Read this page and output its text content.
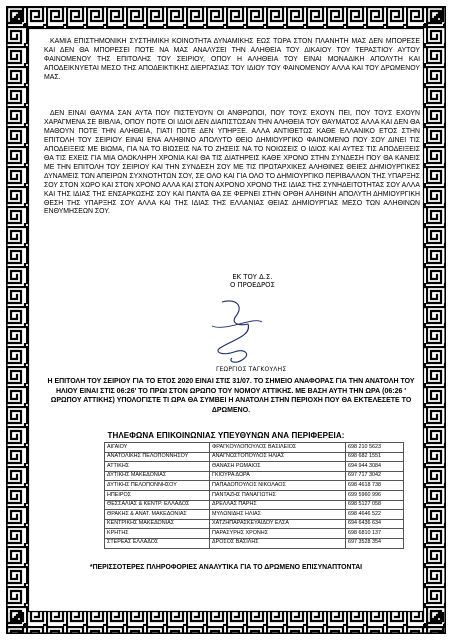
ΚΑΜΙΑ ΕΠΙΣΤΗΜΟΝΙΚΗ ΣΥΣΤΗΜΙΚΗ ΚΟΙΝΟΤΗΤΑ ΔΥΝΑΜΙΚΗΣ ΕΩΣ ΤΩΡΑ ΣΤΟΝ ΠΛΑΝΗΤΗ ΜΑΣ ΔΕΝ ΜΠΟΡΕΣΕ ΚΑΙ ΔΕΝ ΘΑ ΜΠΟΡΕΣΕΙ ΠΟΤΕ ΝΑ ΜΑΣ ΑΝΑΛΥΣΕΙ ΤΗΝ ΑΛΗΘΕΙΑ ΤΟΥ ΔΙΚΑΙΟΥ ΤΟΥ ΤΕΡΑΣΤΙΟΥ ΑΥΤΟΥ ΦΑΙΝΟΜΕΝΟΥ ΤΗΣ ΕΠΙΤΟΛΗΣ ΤΟΥ ΣΕΙΡΙΟΥ, ΟΠΟΥ Η ΑΛΗΘΕΙΑ ΤΟΥ ΕΙΝΑΙ ΜΟΝΑΔΙΚΗ ΑΠΟΛΥΤΗ ΚΑΙ ΑΠΟΔΕΙΚΝΥΕΤΑΙ ΜΕΣΟ ΤΗΣ ΑΠΟΔΕΙΚΤΙΚΗΣ ΔΙΕΡΓΑΣΙΑΣ ΤΟΥ ΙΔΙΟΥ ΤΟΥ ΦΑΙΝΟΜΕΝΟΥ ΑΛΛΑ ΚΑΙ ΤΟΥ ΔΡΩΜΕΝΟΥ ΜΑΣ.

ΔΕΝ ΕΙΝΑΙ ΘΑΥΜΑ ΣΑΝ ΑΥΤΑ ΠΟΥ ΠΙΣΤΕΥΟΥΝ ΟΙ ΑΝΘΡΩΠΟΙ, ΠΟΥ ΤΟΥΣ ΕΧΟΥΝ ΠΕΙ, ΠΟΥ ΤΟΥΣ ΕΧΟΥΝ ΧΑΡΑΓΜΕΝΑ ΣΕ ΒΙΒΛΙΑ, ΟΠΟΥ ΠΟΤΕ ΟΙ ΙΔΙΟΙ ΔΕΝ ΔΙΑΠΙΣΤΩΣΑΝ ΤΗΝ ΑΛΗΘΕΙΑ ΤΟΥ ΘΑΥΜΑΤΟΣ ΑΛΛΑ ΚΑΙ ΔΕΝ ΘΑ ΜΑΘΟΥΝ ΠΟΤΕ ΤΗΝ ΑΛΗΘΕΙΑ, ΓΙΑΤΙ ΠΟΤΕ ΔΕΝ ΥΠΗΡΞΕ. ΑΛΛΑ ΑΝΤΙΘΕΤΩΣ ΚΑΘΕ ΕΛΛΑΝΙΚΟ ΕΤΟΣ ΣΤΗΝ ΕΠΙΤΟΛΗ ΤΟΥ ΣΕΙΡΙΟΥ ΕΙΝΑΙ ΕΝΑ ΑΛΗΘΙΝΟ ΑΠΟΛΥΤΟ ΘΕΙΟ ΔΗΜΙΟΥΡΓΙΚΟ ΦΑΙΝΟΜΕΝΟ ΠΟΥ ΣΟΥ ΔΙΝΕΙ ΤΙΣ ΑΠΟΔΕΙΞΕΙΣ ΜΕ ΒΙΩΜΑ, ΓΙΑ ΝΑ ΤΟ ΒΙΩΣΕΙΣ ΝΑ ΤΟ ΖΗΣΕΙΣ ΝΑ ΤΟ ΝΟΙΩΣΕΙΣ Ο ΙΔΙΟΣ ΚΑΙ ΑΥΤΕΣ ΤΙΣ ΑΠΟΔΕΙΞΕΙΣ ΘΑ ΤΙΣ ΕΧΕΙΣ ΓΙΑ ΜΙΑ ΟΛΟΚΛΗΡΗ ΧΡΟΝΙΑ ΚΑΙ ΘΑ ΤΙΣ ΔΙΑΤΗΡΕΙΣ ΚΑΘΕ ΧΡΟΝΟ ΣΤΗΝ ΣΥΝΔΕΣΗ ΠΟΥ ΘΑ ΚΑΝΕΙΣ ΜΕ ΤΗΝ ΕΠΙΤΟΛΗ ΤΟΥ ΣΕΙΡΙΟΥ ΚΑΙ ΤΗΝ ΣΥΝΔΕΣΗ ΣΟΥ ΜΕ ΤΙΣ ΠΡΩΤΑΡΧΙΚΕΣ ΑΛΗΘΙΝΕΣ ΘΕΙΕΣ ΔΗΜΙΟΥΡΓΙΚΕΣ ΔΥΝΑΜΕΙΣ ΤΩΝ ΑΠΕΙΡΩΝ ΣΥΧΝΟΤΗΤΩΝ ΣΟΥ, ΣΕ ΟΛΟ ΚΑΙ ΓΙΑ ΟΛΟ ΤΟ ΔΗΜΙΟΥΡΓΙΚΟ ΠΕΡΙΒΑΛΛΟΝ ΤΗΣ ΥΠΑΡΞΗΣ ΣΟΥ ΣΤΟΝ ΧΩΡΟ ΚΑΙ ΣΤΟΝ ΧΡΟΝΟ ΑΛΛΑ ΚΑΙ ΣΤΟΝ ΑΧΡΟΝΟ ΧΡΟΝΟ ΤΗΣ ΙΔΙΑΣ ΤΗΣ ΣΥΝΗΔΕΙΤΟΤΗΤΑΣ ΣΟΥ ΑΛΛΑ ΚΑΙ ΤΗΣ ΙΔΙΑΣ ΤΗΣ ΕΝΣΑΡΚΩΣΗΣ ΣΟΥ ΚΑΙ ΠΑΝΤΑ ΘΑ ΣΕ ΦΕΡΝΕΙ ΣΤΗΝ ΟΡΘΗ ΑΛΗΘΙΝΗ ΑΠΟΛΥΤΗ ΔΗΜΙΟΥΡΓΙΚΗ ΘΕΣΗ ΤΗΣ ΥΠΑΡΞΗΣ ΣΟΥ ΑΛΛΑ ΚΑΙ ΤΗΣ ΙΔΙΑΣ ΤΗΣ ΕΛΛΑΝΙΑΣ ΘΕΙΑΣ ΔΗΜΙΟΥΡΓΙΑΣ ΜΕΣΟ ΤΩΝ ΑΛΗΘΙΝΩΝ ΕΝΘΥΜΗΣΕΩΝ ΣΟΥ.

ΕΚ ΤΟΥ Δ.Σ.
Ο ΠΡΟΕΔΡΟΣ
ΓΕΩΡΓΙΟΣ ΤΑΓΚΟΥΛΗΣ

Η ΕΠΙΤΟΛΗ ΤΟΥ ΣΕΙΡΙΟΥ ΓΙΑ ΤΟ ΕΤΟΣ 2020 ΕΙΝΑΙ ΣΤΙΣ 31/07. ΤΟ ΣΗΜΕΙΟ ΑΝΑΦΟΡΑΣ ΓΙΑ ΤΗΝ ΑΝΑΤΟΛΗ ΤΟΥ ΗΛΙΟΥ ΕΙΝΑΙ ΣΤΙΣ 06:26' ΤΟ ΠΡΩΙ ΣΤΟΝ ΩΡΩΠΟ ΤΟΥ ΝΟΜΟΥ ΑΤΤΙΚΗΣ. ΜΕ ΒΑΣΗ ΑΥΤΗ ΤΗΝ ΩΡΑ (06:26 ' ΩΡΩΠΟΥ ΑΤΤΙΚΗΣ) ΥΠΟΛΟΓΙΣΤΕ ΤΙ ΩΡΑ ΘΑ ΣΥΜΒΕΙ Η ΑΝΑΤΟΛΗ ΣΤΗΝ ΠΕΡΙΟΧΗ ΠΟΥ ΘΑ ΕΚΤΕΛΕΣΕΤΕ ΤΟ ΔΡΩΜΕΝΟ.

ΤΗΛΕΦΩΝΑ ΕΠΙΚΟΙΝΩΝΙΑΣ ΥΠΕΥΘΥΝΩΝ ΑΝΑ ΠΕΡΙΦΕΡΕΙΑ:
ΑΙΓΑΙΟΥ	ΦΡΑΓΚΟΥΛΟΠΟΥΛΟΣ ΒΑΣΙΛΕΙΟΣ	698 210 5623
ΑΝΑΤΟΛΙΚΗΣ ΠΕΛΟΠΟΝΝΗΣΟΥ	ΑΝΑΓΝΩΣΤΟΠΟΥΛΟΣ ΗΛΙΑΣ	698 682 1551
ΑΤΤΙΚΗΣ	ΘΑΝΑΣΗ ΡΩΜΑΙΟΣ	694 944 3084
ΔΥΤΙΚΗΣ ΜΑΚΕΔΟΝΙΑΣ	ΓΚΙΟΥΡΑ ΔΩΡΑ	697 717 3042
ΔΥΤΙΚΗΣ ΠΕΛΟΠΟΝΝΗΣΟΥ	ΠΑΠΑΔΟΠΟΥΛΟΣ ΝΙΚΟΛΑΟΣ	698 4618 738
ΗΠΕΙΡΟΣ	ΠΑΝΤΑΖΗΣ ΠΑΝΑΓΙΩΤΗΣ	699 5960 996
ΘΕΣΣΑΛΙΑΣ & ΚΕΝΤΡ. ΕΛΛΑΔΟΣ	ΔΡΕΛΛΑΣ ΠΑΡΗΣ	698 5127 058
ΘΡΑΚΗΣ & ΑΝΑΤ. ΜΑΚΕΔΟΝΙΑΣ	ΜΥΛΩΝΙΔΗΣ ΗΛΙΑΣ	698 4646 522
ΚΕΝΤΡΙΚΗΣ ΜΑΚΕΔΟΝΙΑΣ	ΧΑΤΖΗΠΑΡΑΣΚΕΥΑΙΔΟΥ ΕΛΣΑ	694 6436 634
ΚΡΗΤΗΣ	ΠΑΡΑΣΥΡΗΣ ΧΡΟΝΗΣ	698 6810 137
ΣΤΕΡΕΑΣ ΕΛΛΑΔΟΣ	ΔΡΟΣΟΣ ΒΑΣΙΛΗΣ	697 3528 354
*ΠΕΡΙΣΣΟΤΕΡΕΣ ΠΛΗΡΟΦΟΡΙΕΣ ΑΝΑΛΥΤΙΚΑ ΓΙΑ ΤΟ ΔΡΩΜΕΝΟ ΕΠΙΣΥΝΑΠΤΟΝΤΑΙ
